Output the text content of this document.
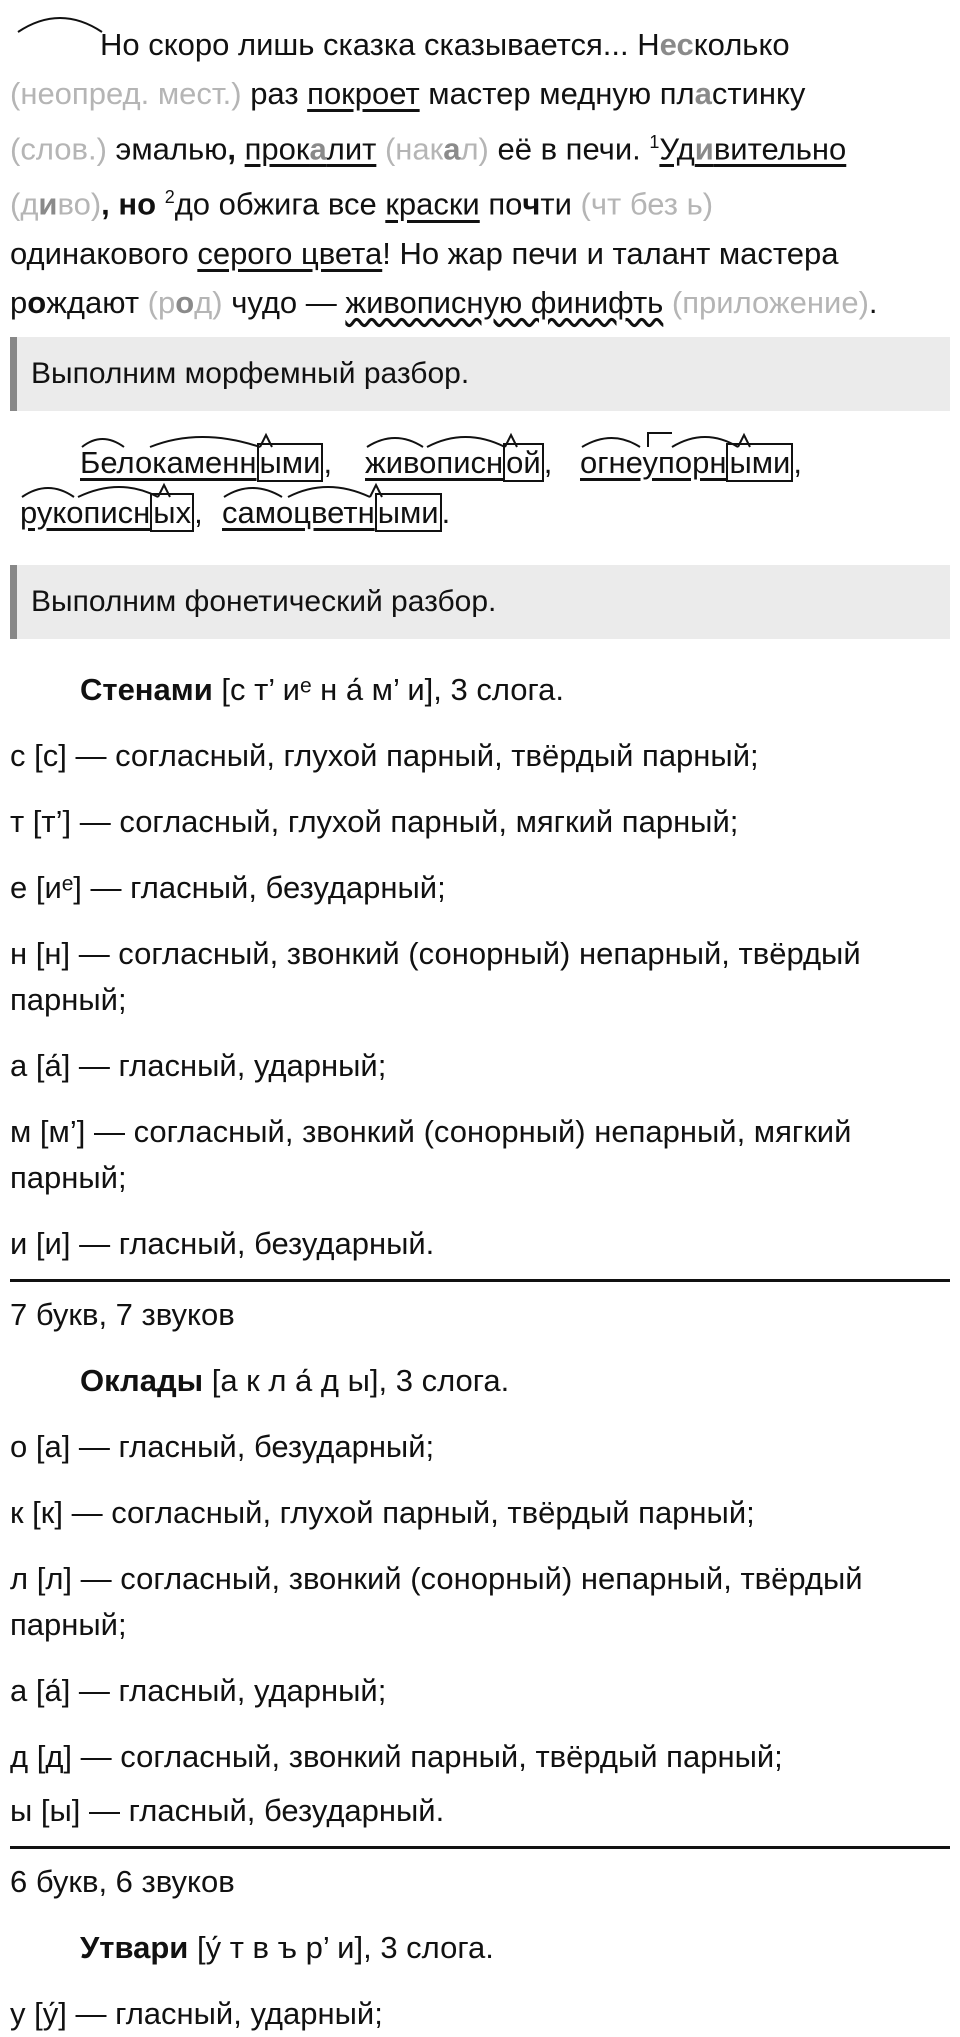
Но скоро лишь сказка сказывается... Несколько
(неопред. мест.) раз покроет мастер медную пластинку
(слов.) эмалью, прокалит (накал) её в печи. $^1$Удивительно
(диво), но $^2$до обжига все краски почти (чт без ь)
одинакового серого цвета! Но жар печи и талант мастера
рождают (род) чудо — живописную финифть (приложение).
Выполним морфемный разбор.
Белокаменными, живописной, огнеупорными,
рукописных, самоцветными.
Выполним фонетический разбор.
Стенами [с т’ иᵉ н а́ м’ и], 3 слога.
с [с] — согласный, глухой парный, твёрдый парный;
т [т’] — согласный, глухой парный, мягкий парный;
е [иᵉ] — гласный, безударный;
н [н] — согласный, звонкий (сонорный) непарный, твёрдый парный;
а [а́] — гласный, ударный;
м [м’] — согласный, звонкий (сонорный) непарный, мягкий парный;
и [и] — гласный, безударный.
7 букв, 7 звуков
Оклады [а к л а́ д ы], 3 слога.
о [а] — гласный, безударный;
к [к] — согласный, глухой парный, твёрдый парный;
л [л] — согласный, звонкий (сонорный) непарный, твёрдый парный;
а [а́] — гласный, ударный;
д [д] — согласный, звонкий парный, твёрдый парный;
ы [ы] — гласный, безударный.
6 букв, 6 звуков
Утвари [у́ т в ъ р’ и], 3 слога.
у [у́] — гласный, ударный;
